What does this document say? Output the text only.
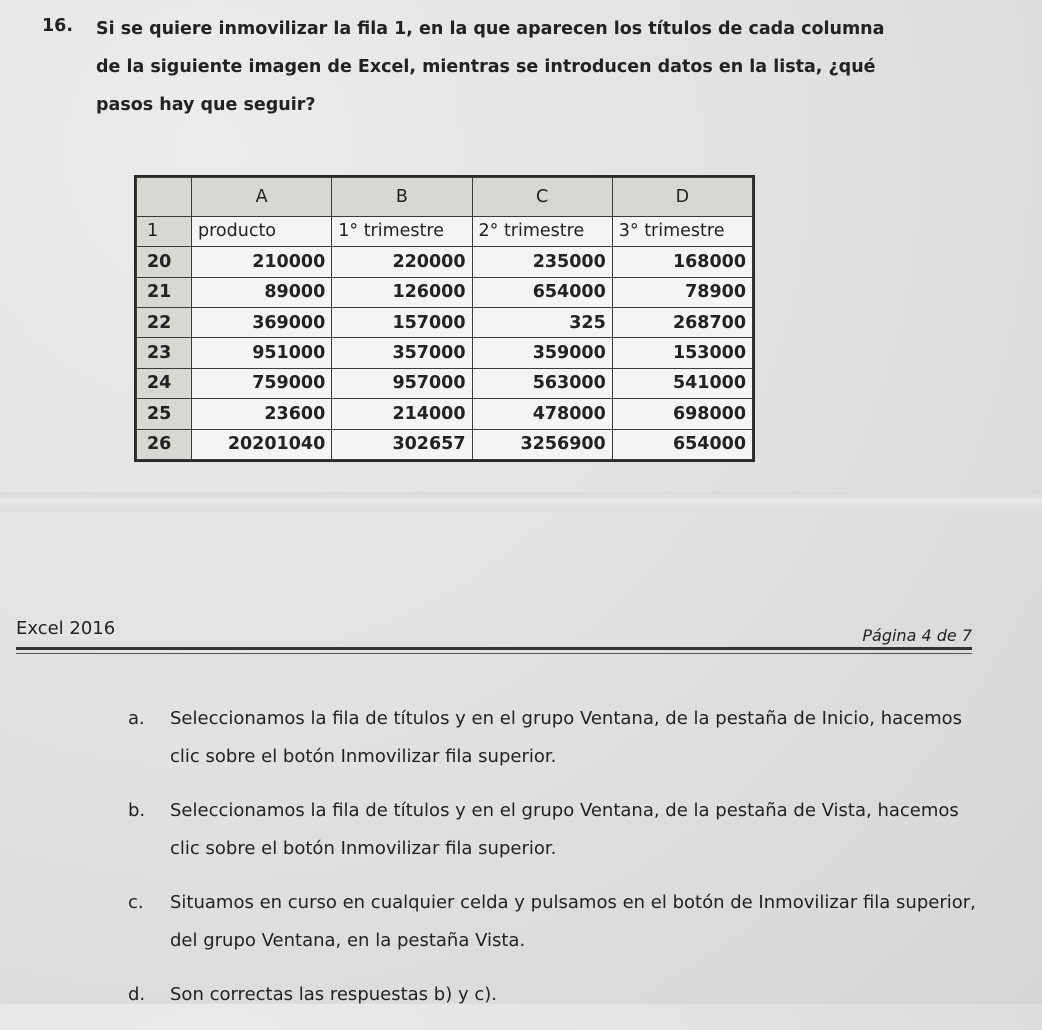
16. Si se quiere inmovilizar la fila 1, en la que aparecen los títulos de cada columna de la siguiente imagen de Excel, mientras se introducen datos en la lista, ¿qué pasos hay que seguir?

	A	B	C	D
1	producto	1° trimestre	2° trimestre	3° trimestre
20	210000	220000	235000	168000
21	89000	126000	654000	78900
22	369000	157000	325	268700
23	951000	357000	359000	153000
24	759000	957000	563000	541000
25	23600	214000	478000	698000
26	20201040	302657	3256900	654000
Excel 2016	Página 4 de 7
a.	Seleccionamos la fila de títulos y en el grupo Ventana, de la pestaña de Inicio, hacemos clic sobre el botón Inmovilizar fila superior.
b.	Seleccionamos la fila de títulos y en el grupo Ventana, de la pestaña de Vista, hacemos clic sobre el botón Inmovilizar fila superior.
c.	Situamos en curso en cualquier celda y pulsamos en el botón de Inmovilizar fila superior, del grupo Ventana, en la pestaña Vista.
d.	Son correctas las respuestas b) y c).
